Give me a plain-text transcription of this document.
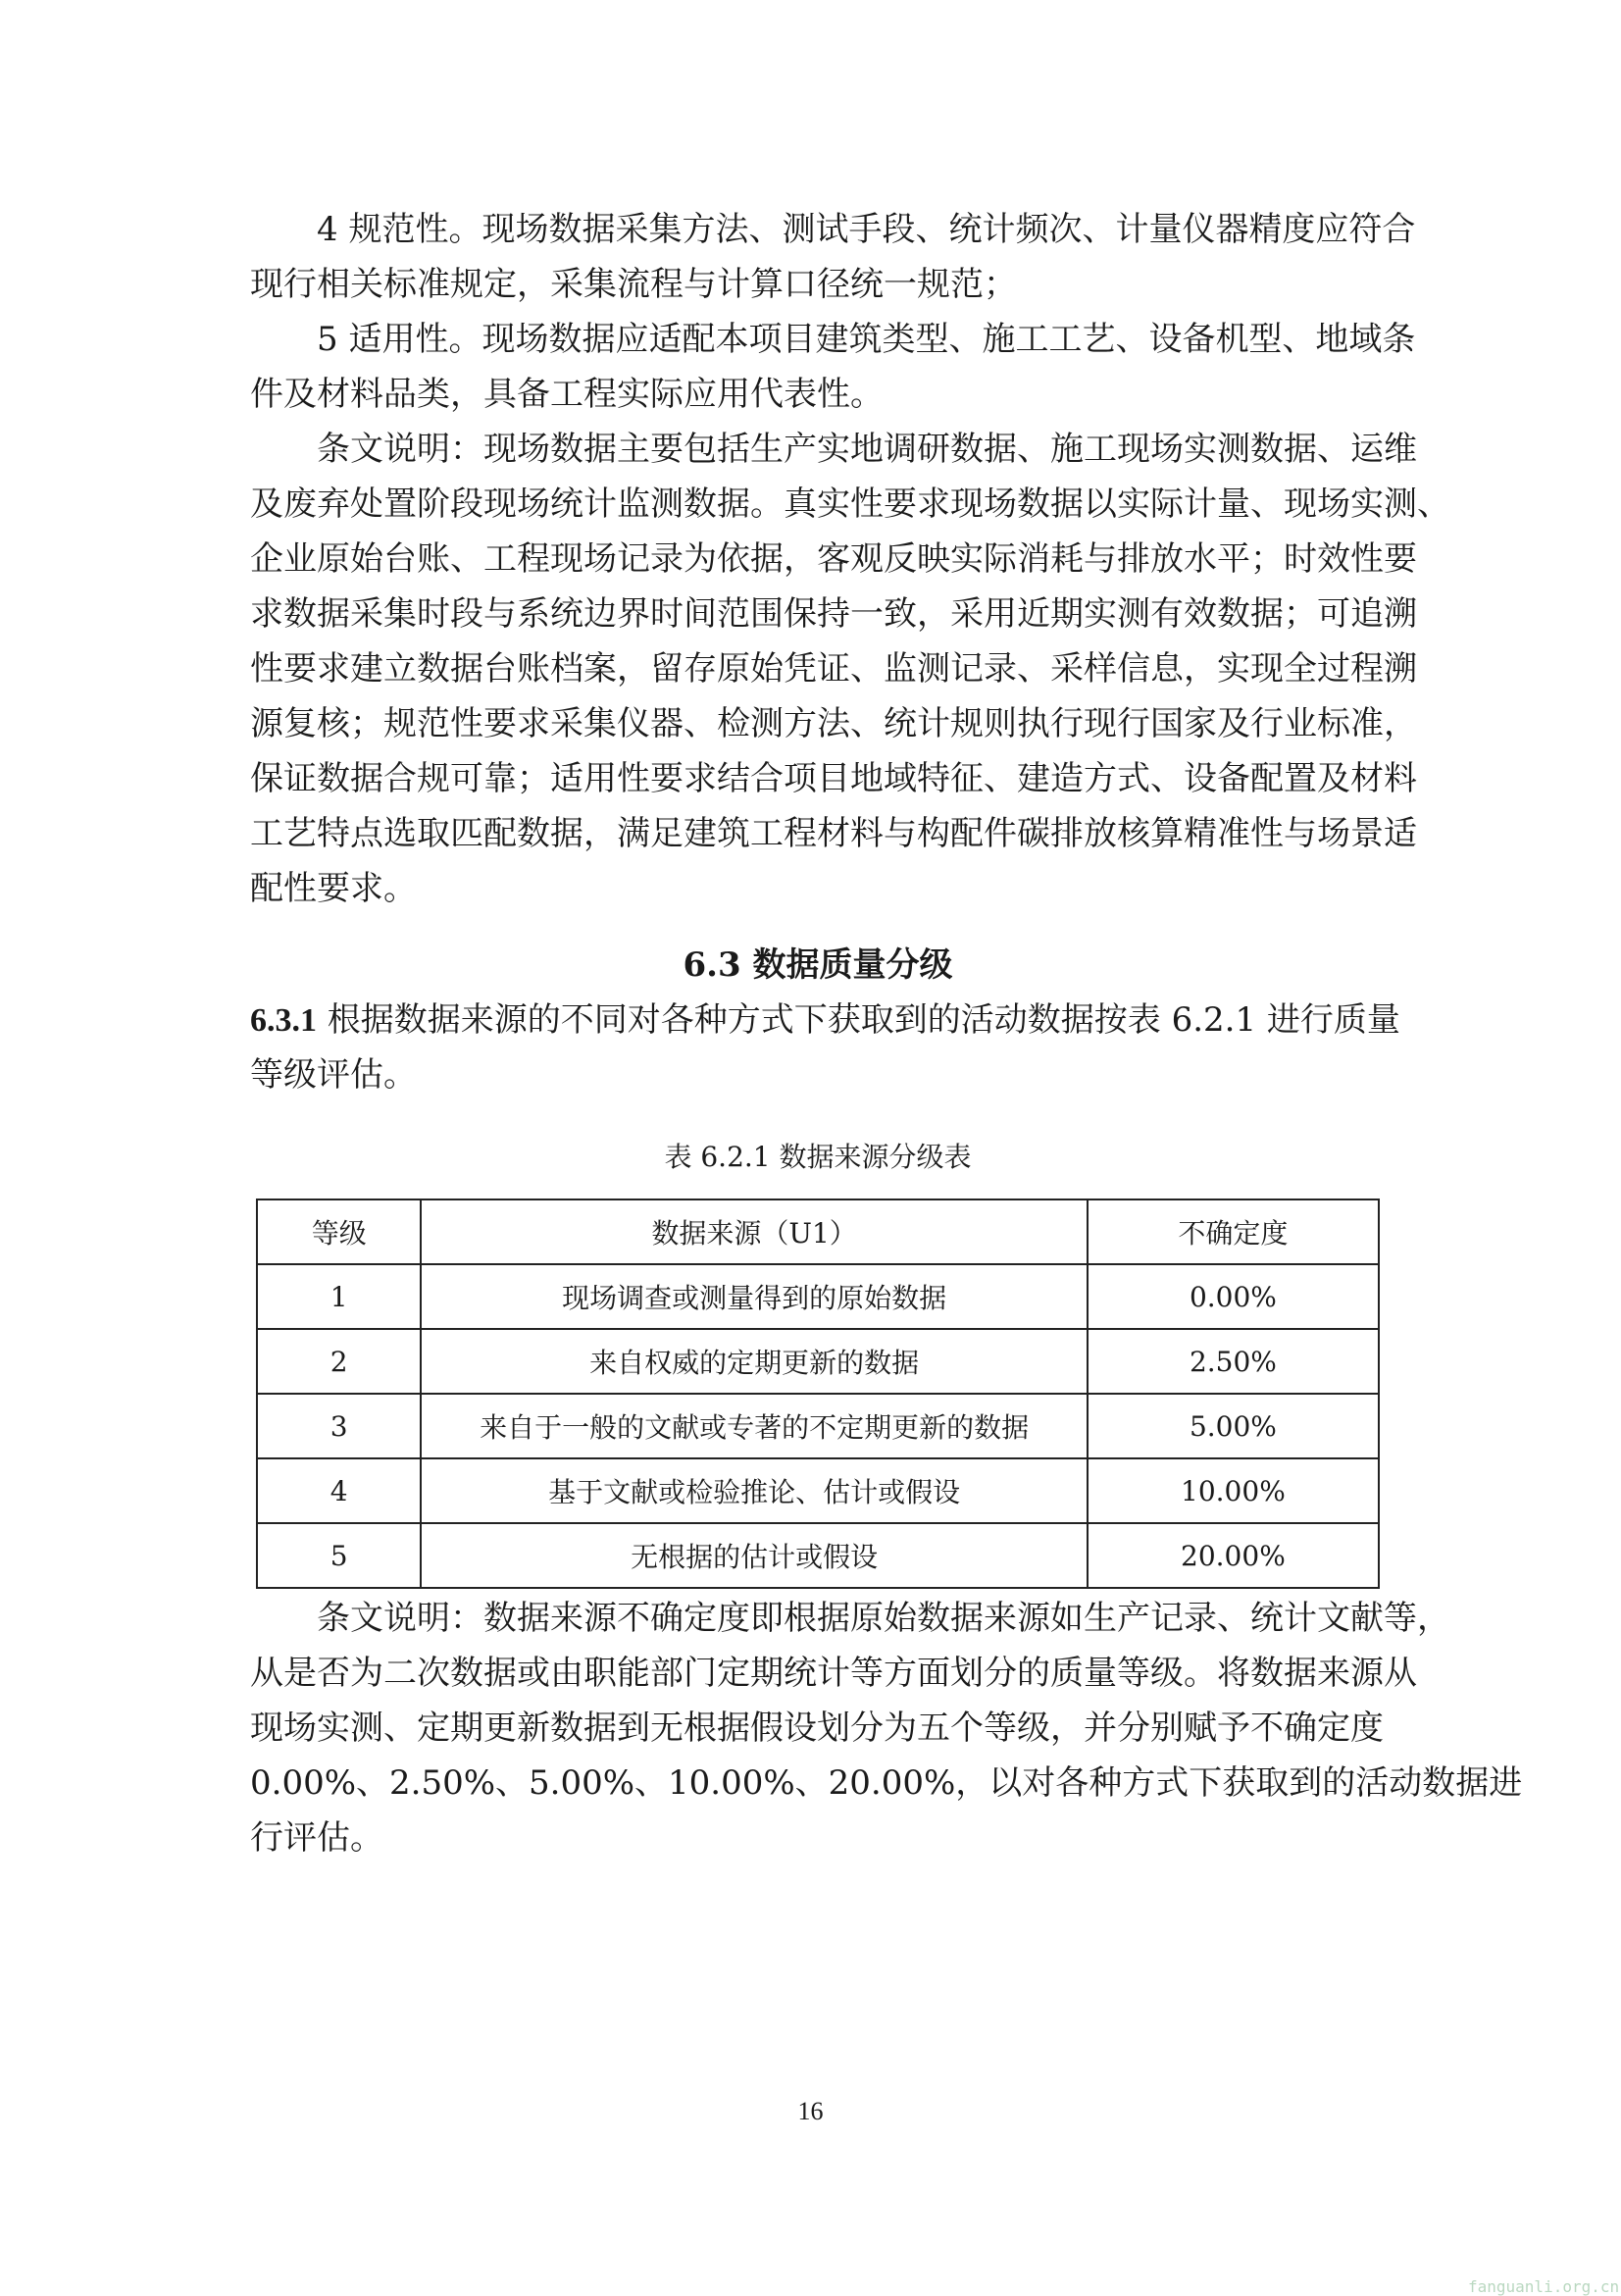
4 规范性。现场数据采集方法、测试手段、统计频次、计量仪器精度应符合

现行相关标准规定，采集流程与计算口径统一规范；

5 适用性。现场数据应适配本项目建筑类型、施工工艺、设备机型、地域条

件及材料品类，具备工程实际应用代表性。

条文说明：现场数据主要包括生产实地调研数据、施工现场实测数据、运维

及废弃处置阶段现场统计监测数据。真实性要求现场数据以实际计量、现场实测、

企业原始台账、工程现场记录为依据，客观反映实际消耗与排放水平；时效性要

求数据采集时段与系统边界时间范围保持一致，采用近期实测有效数据；可追溯

性要求建立数据台账档案，留存原始凭证、监测记录、采样信息，实现全过程溯

源复核；规范性要求采集仪器、检测方法、统计规则执行现行国家及行业标准，

保证数据合规可靠；适用性要求结合项目地域特征、建造方式、设备配置及材料

工艺特点选取匹配数据，满足建筑工程材料与构配件碳排放核算精准性与场景适

配性要求。

6.3 数据质量分级

6.3.1 根据数据来源的不同对各种方式下获取到的活动数据按表 6.2.1 进行质量

等级评估。

表 6.2.1 数据来源分级表
等级	数据来源（U1）	不确定度
1	现场调查或测量得到的原始数据	0.00%
2	来自权威的定期更新的数据	2.50%
3	来自于一般的文献或专著的不定期更新的数据	5.00%
4	基于文献或检验推论、估计或假设	10.00%
5	无根据的估计或假设	20.00%

条文说明：数据来源不确定度即根据原始数据来源如生产记录、统计文献等，

从是否为二次数据或由职能部门定期统计等方面划分的质量等级。将数据来源从

现场实测、定期更新数据到无根据假设划分为五个等级，并分别赋予不确定度

0.00%、2.50%、5.00%、10.00%、20.00%，以对各种方式下获取到的活动数据进

行评估。

16
fanguanli.org.cn
